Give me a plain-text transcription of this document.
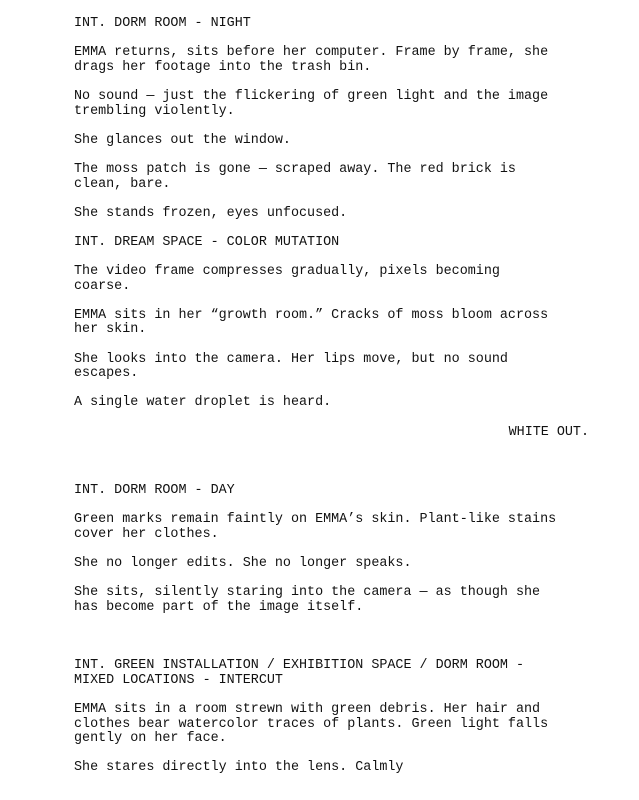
INT. DORM ROOM - NIGHT

EMMA returns, sits before her computer. Frame by frame, she
drags her footage into the trash bin.

No sound — just the flickering of green light and the image
trembling violently.

She glances out the window.

The moss patch is gone — scraped away. The red brick is
clean, bare.

She stands frozen, eyes unfocused.

INT. DREAM SPACE - COLOR MUTATION

The video frame compresses gradually, pixels becoming
coarse.

EMMA sits in her “growth room.” Cracks of moss bloom across
her skin.

She looks into the camera. Her lips move, but no sound
escapes.

A single water droplet is heard.

WHITE OUT.

INT. DORM ROOM - DAY

Green marks remain faintly on EMMA’s skin. Plant-like stains
cover her clothes.

She no longer edits. She no longer speaks.

She sits, silently staring into the camera — as though she
has become part of the image itself.

INT. GREEN INSTALLATION / EXHIBITION SPACE / DORM ROOM -
MIXED LOCATIONS - INTERCUT

EMMA sits in a room strewn with green debris. Her hair and
clothes bear watercolor traces of plants. Green light falls
gently on her face.

She stares directly into the lens. Calmly
